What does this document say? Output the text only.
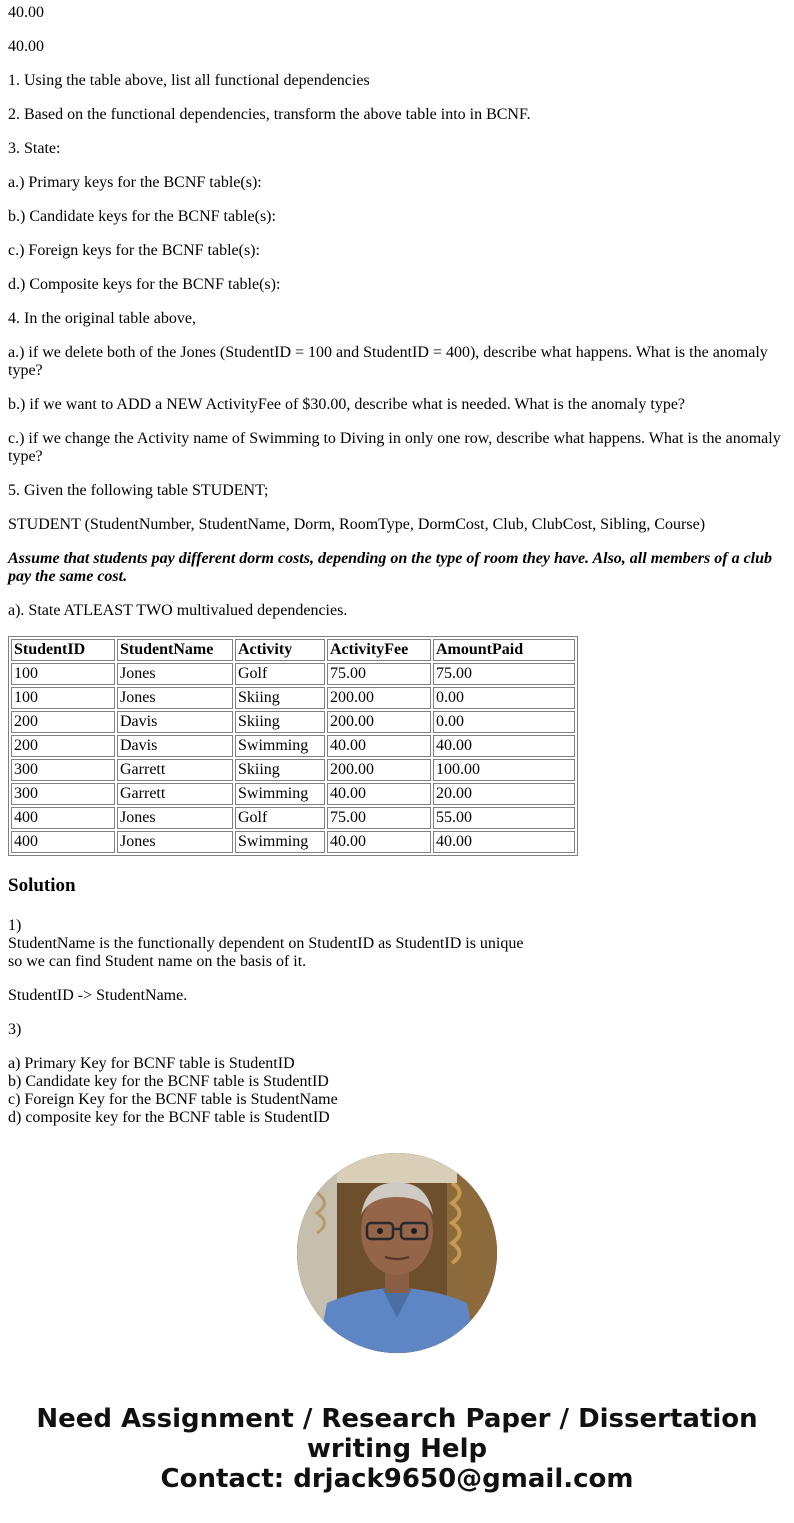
40.00

40.00

1. Using the table above, list all functional dependencies

2. Based on the functional dependencies, transform the above table into in BCNF.

3. State:

a.) Primary keys for the BCNF table(s):

b.) Candidate keys for the BCNF table(s):

c.) Foreign keys for the BCNF table(s):

d.) Composite keys for the BCNF table(s):

4. In the original table above,

a.) if we delete both of the Jones (StudentID = 100 and StudentID = 400), describe what happens. What is the anomaly type?

b.) if we want to ADD a NEW ActivityFee of $30.00, describe what is needed. What is the anomaly type?

c.) if we change the Activity name of Swimming to Diving in only one row, describe what happens. What is the anomaly type?

5. Given the following table STUDENT;

STUDENT (StudentNumber, StudentName, Dorm, RoomType, DormCost, Club, ClubCost, Sibling, Course)

Assume that students pay different dorm costs, depending on the type of room they have. Also, all members of a club pay the same cost.

a). State ATLEAST TWO multivalued dependencies.

StudentID	StudentName	Activity	ActivityFee	AmountPaid
100	Jones	Golf	75.00	75.00
100	Jones	Skiing	200.00	0.00
200	Davis	Skiing	200.00	0.00
200	Davis	Swimming	40.00	40.00
300	Garrett	Skiing	200.00	100.00
300	Garrett	Swimming	40.00	20.00
400	Jones	Golf	75.00	55.00
400	Jones	Swimming	40.00	40.00
Solution
1)
StudentName is the functionally dependent on StudentID as StudentID is unique
so we can find Student name on the basis of it.

StudentID -> StudentName.

3)

a) Primary Key for BCNF table is StudentID
b) Candidate key for the BCNF table is StudentID
c) Foreign Key for the BCNF table is StudentName
d) composite key for the BCNF table is StudentID
Need Assignment / Research Paper / Dissertation
writing Help
Contact: drjack9650@gmail.com
